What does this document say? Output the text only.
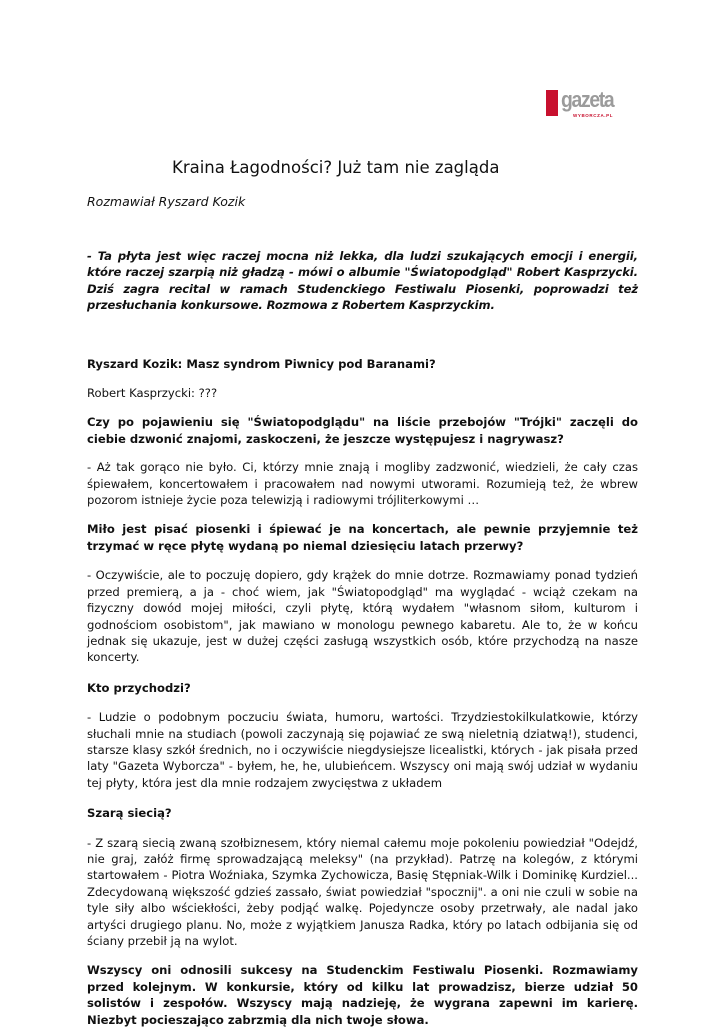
gazeta
WYBORCZA.PL
Kraina Łagodności? Już tam nie zagląda
Rozmawiał Ryszard Kozik

- Ta płyta jest więc raczej mocna niż lekka, dla ludzi szukających emocji i energii, które raczej szarpią niż gładzą - mówi o albumie "Światopodgląd" Robert Kasprzycki. Dziś zagra recital w ramach Studenckiego Festiwalu Piosenki, poprowadzi też przesłuchania konkursowe. Rozmowa z Robertem Kasprzyckim.

Ryszard Kozik: Masz syndrom Piwnicy pod Baranami?

Robert Kasprzycki: ???

Czy po pojawieniu się "Światopodglądu" na liście przebojów "Trójki" zaczęli do ciebie dzwonić znajomi, zaskoczeni, że jeszcze występujesz i nagrywasz?

- Aż tak gorąco nie było. Ci, którzy mnie znają i mogliby zadzwonić, wiedzieli, że cały czas śpiewałem, koncertowałem i pracowałem nad nowymi utworami. Rozumieją też, że wbrew pozorom istnieje życie poza telewizją i radiowymi trójliterkowymi …

Miło jest pisać piosenki i śpiewać je na koncertach, ale pewnie przyjemnie też trzymać w ręce płytę wydaną po niemal dziesięciu latach przerwy?

- Oczywiście, ale to poczuję dopiero, gdy krążek do mnie dotrze. Rozmawiamy ponad tydzień przed premierą, a ja - choć wiem, jak "Światopodgląd" ma wyglądać - wciąż czekam na fizyczny dowód mojej miłości, czyli płytę, którą wydałem "własnom siłom, kulturom i godnościom osobistom", jak mawiano w monologu pewnego kabaretu. Ale to, że w końcu jednak się ukazuje, jest w dużej części zasługą wszystkich osób, które przychodzą na nasze koncerty.

Kto przychodzi?

- Ludzie o podobnym poczuciu świata, humoru, wartości. Trzydziestokilkulatkowie, którzy słuchali mnie na studiach (powoli zaczynają się pojawiać ze swą nieletnią dziatwą!), studenci, starsze klasy szkół średnich, no i oczywiście niegdysiejsze licealistki, których - jak pisała przed laty "Gazeta Wyborcza" - byłem, he, he, ulubieńcem. Wszyscy oni mają swój udział w wydaniu tej płyty, która jest dla mnie rodzajem zwycięstwa z układem

Szarą siecią?

- Z szarą siecią zwaną szołbiznesem, który niemal całemu moje pokoleniu powiedział "Odejdź, nie graj, załóż firmę sprowadzającą meleksy" (na przykład). Patrzę na kolegów, z którymi startowałem - Piotra Woźniaka, Szymka Zychowicza, Basię Stępniak-Wilk i Dominikę Kurdziel... Zdecydowaną większość gdzieś zassało, świat powiedział "spocznij". a oni nie czuli w sobie na tyle siły albo wściekłości, żeby podjąć walkę. Pojedyncze osoby przetrwały, ale nadal jako artyści drugiego planu. No, może z wyjątkiem Janusza Radka, który po latach odbijania się od ściany przebił ją na wylot.

Wszyscy oni odnosili sukcesy na Studenckim Festiwalu Piosenki. Rozmawiamy przed kolejnym. W konkursie, który od kilku lat prowadzisz, bierze udział 50 solistów i zespołów. Wszyscy mają nadzieję, że wygrana zapewni im karierę. Niezbyt pocieszająco zabrzmią dla nich twoje słowa.
